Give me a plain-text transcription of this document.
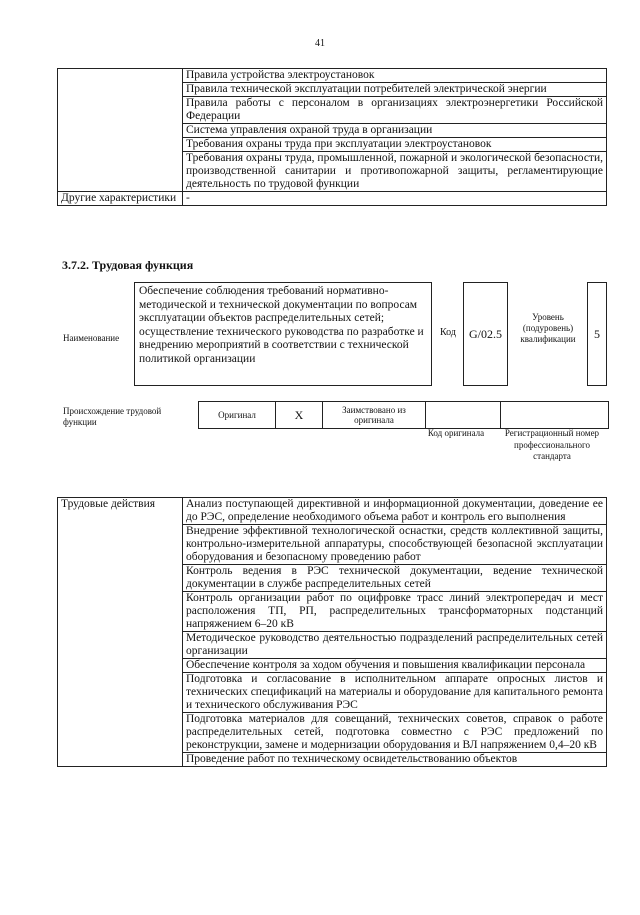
41
	Правила устройства электроустановок
	Правила технической эксплуатации потребителей электрической энергии
	Правила работы с персоналом в организациях электроэнергетики Российской Федерации
	Система управления охраной труда в организации
	Требования охраны труда при эксплуатации электроустановок
	Требования охраны труда, промышленной, пожарной и экологической безопасности, производственной санитарии и противопожарной защиты, регламентирующие деятельность по трудовой функции
Другие характеристики	-
3.7.2. Трудовая функция
Наименование
Обеспечение соблюдения требований нормативно-методической и технической документации по вопросам эксплуатации объектов распределительных сетей; осуществление технического руководства по разработке и внедрению мероприятий в соответствии с технической политикой организации
Код G/02.5
Уровень (подуровень) квалификации	5
Происхождение трудовой функции
Оригинал	X	Заимствовано из оригинала		
Код оригинала	Регистрационный номер профессионального стандарта
Трудовые действия	Анализ поступающей директивной и информационной документации, доведение ее до РЭС, определение необходимого объема работ и контроль его выполнения
Внедрение эффективной технологической оснастки, средств коллективной защиты, контрольно-измерительной аппаратуры, способствующей безопасной эксплуатации оборудования и безопасному проведению работ
Контроль ведения в РЭС технической документации, ведение технической документации в службе распределительных сетей
Контроль организации работ по оцифровке трасс линий электропередач и мест расположения ТП, РП, распределительных трансформаторных подстанций напряжением 6–20 кВ
Методическое руководство деятельностью подразделений распределительных сетей организации
Обеспечение контроля за ходом обучения и повышения квалификации персонала
Подготовка и согласование в исполнительном аппарате опросных листов и технических спецификаций на материалы и оборудование для капитального ремонта и технического обслуживания РЭС
Подготовка материалов для совещаний, технических советов, справок о работе распределительных сетей, подготовка совместно с РЭС предложений по реконструкции, замене и модернизации оборудования и ВЛ напряжением 0,4–20 кВ
Проведение работ по техническому освидетельствованию объектов
